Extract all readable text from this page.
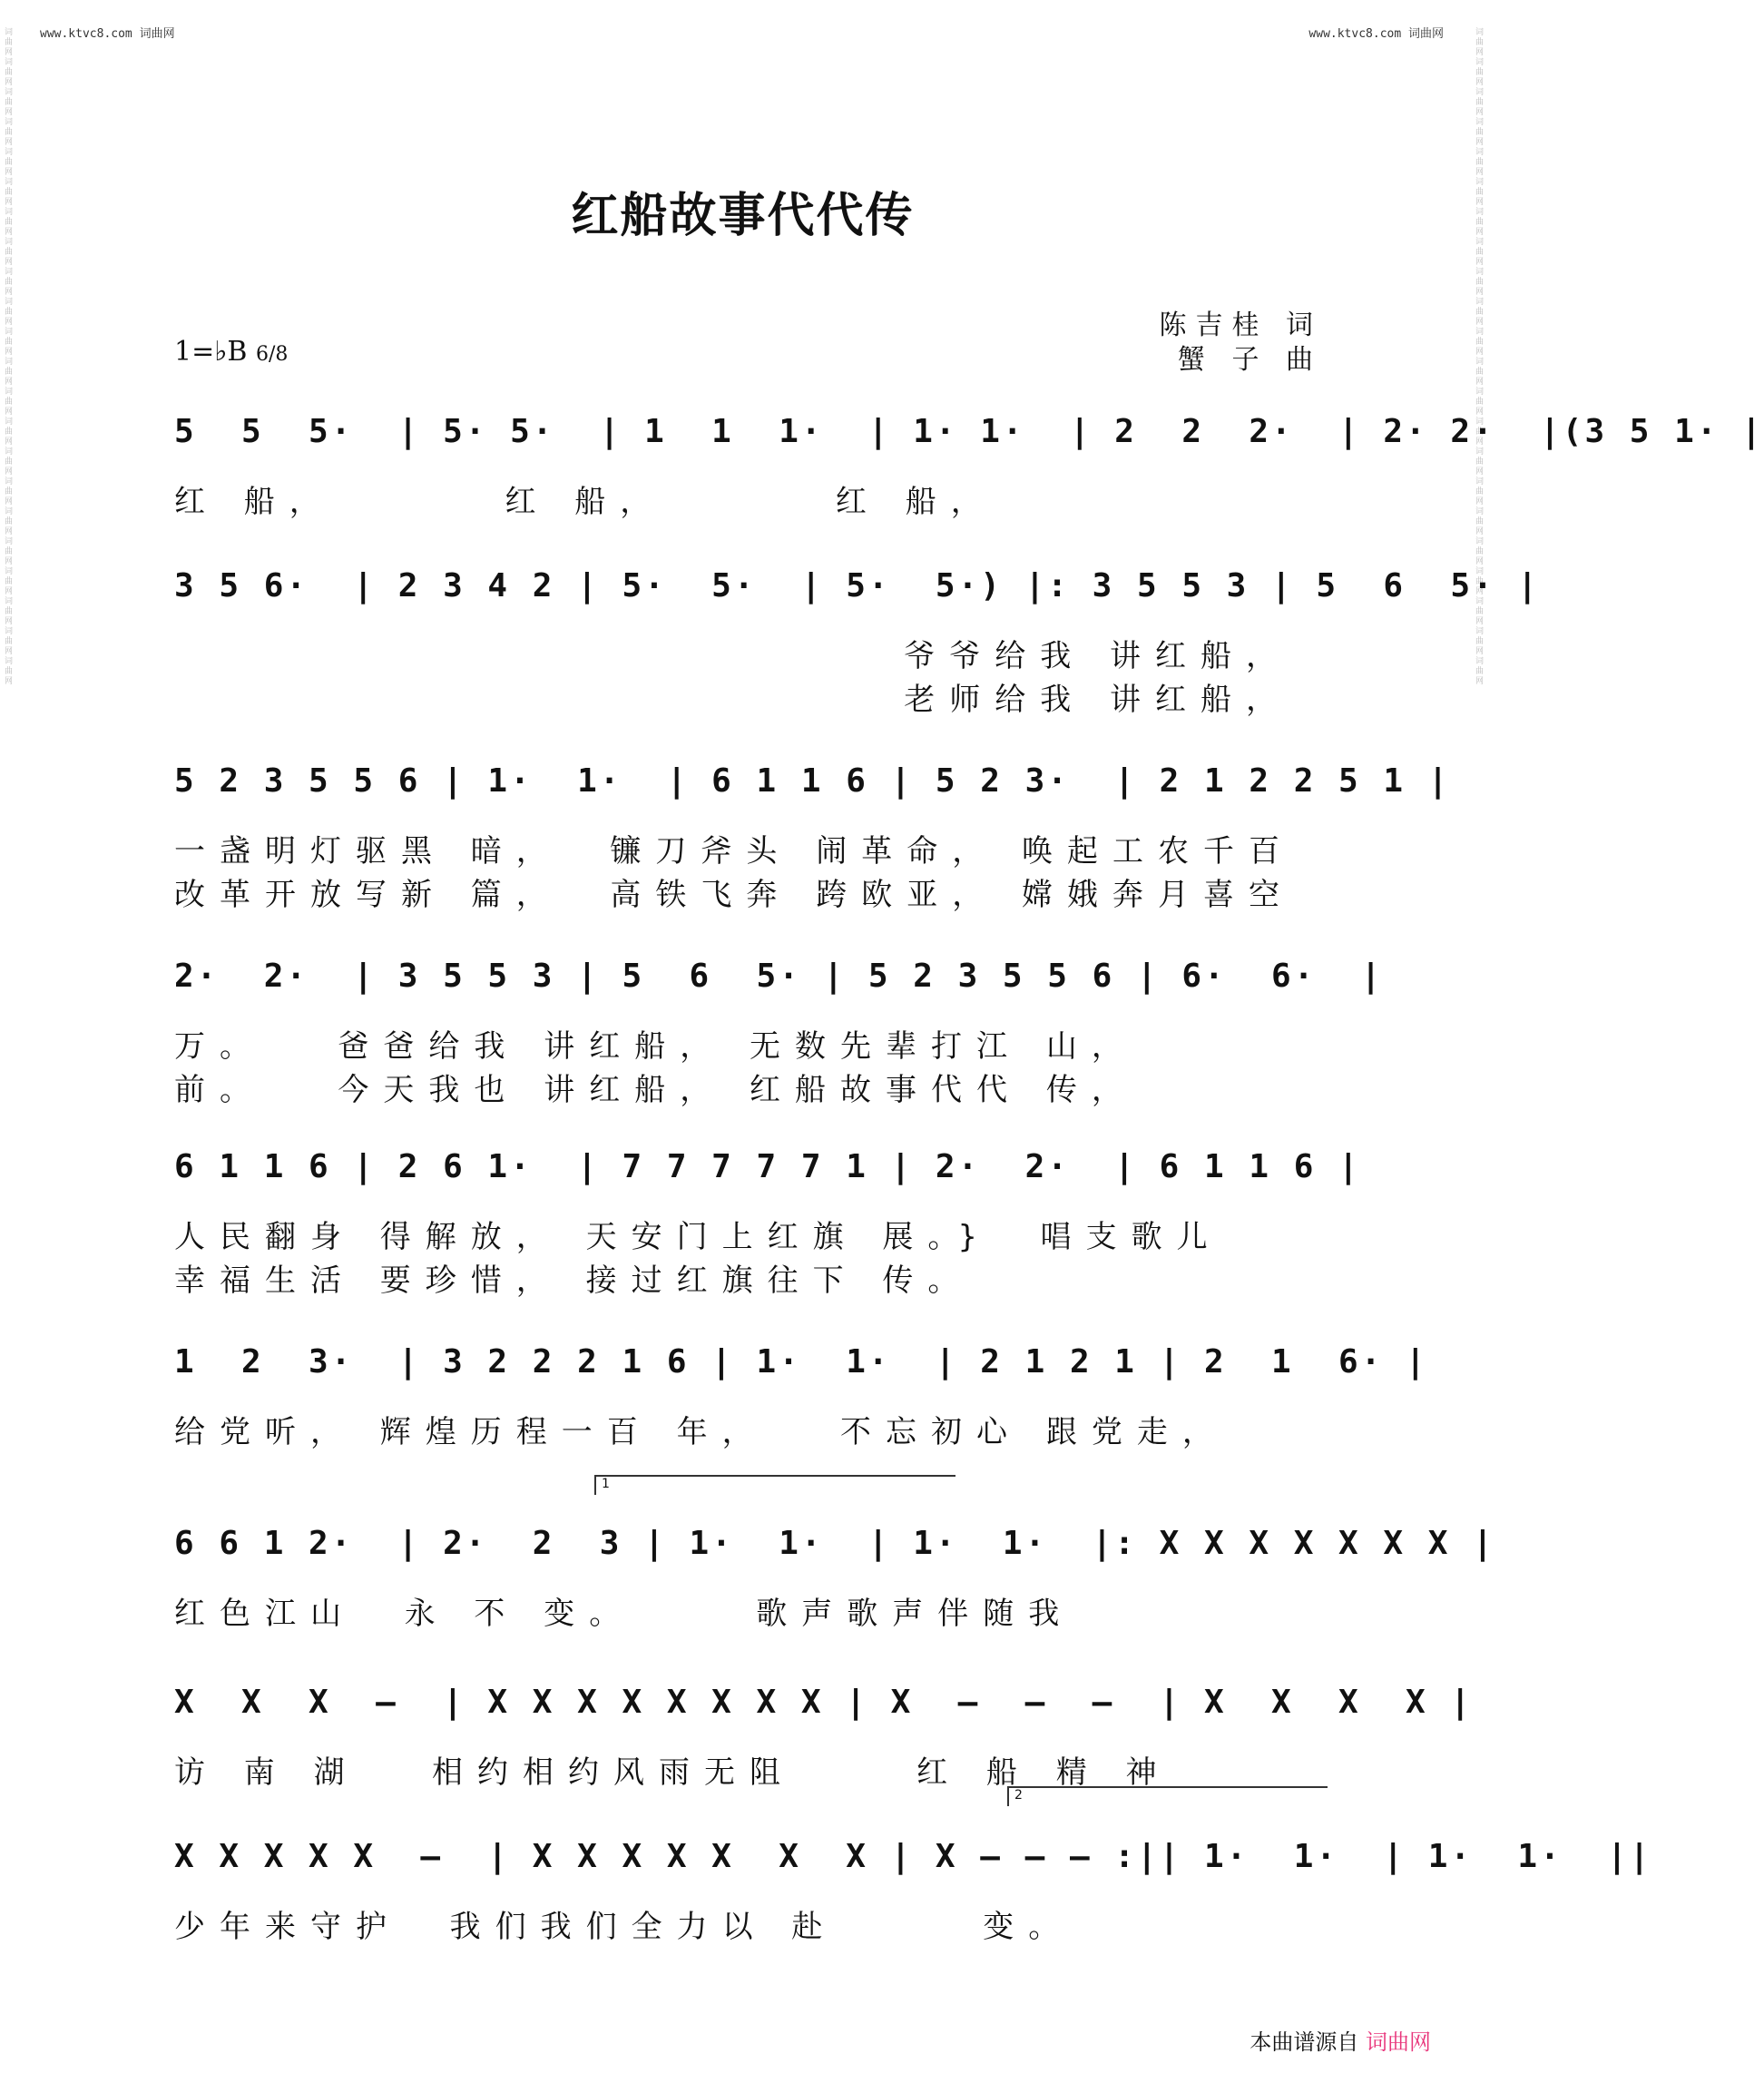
www.ktvc8.com 词曲网	www.ktvc8.com 词曲网
词曲网词曲网词曲网词曲网词曲网词曲网词曲网词曲网词曲网词曲网词曲网词曲网词曲网词曲网词曲网词曲网词曲网词曲网词曲网词曲网词曲网词曲网	词曲网词曲网词曲网词曲网词曲网词曲网词曲网词曲网词曲网词曲网词曲网词曲网词曲网词曲网词曲网词曲网词曲网词曲网词曲网词曲网词曲网词曲网
红船故事代代传
1=♭B 6/8
陈吉桂 词
蟹 子 曲
5  5  5·  | 5· 5·  | 1  1  1·  | 1· 1·  | 2  2  2·  | 2· 2·  |(3 5 1· |
红 船，       红 船，       红 船，
3 5 6·  | 2 3 4 2 | 5·  5·  | 5·  5·) |: 3 5 5 3 | 5  6  5· |
爷爷给我 讲红船，
老师给我 讲红船，
5 2 3 5 5 6 | 1·  1·  | 6 1 1 6 | 5 2 3·  | 2 1 2 2 5 1 |
一盏明灯驱黑 暗，  镰刀斧头 闹革命， 唤起工农千百
改革开放写新 篇，  高铁飞奔 跨欧亚， 嫦娥奔月喜空
2·  2·  | 3 5 5 3 | 5  6  5· | 5 2 3 5 5 6 | 6·  6·  |
万。   爸爸给我 讲红船， 无数先辈打江 山，
前。   今天我也 讲红船， 红船故事代代 传，
6 1 1 6 | 2 6 1·  | 7 7 7 7 7 1 | 2·  2·  | 6 1 1 6 |
人民翻身 得解放， 天安门上红旗 展。}  唱支歌儿
幸福生活 要珍惜， 接过红旗往下 传。
1  2  3·  | 3 2 2 2 1 6 | 1·  1·  | 2 1 2 1 | 2  1  6· |
给党听， 辉煌历程一百 年，   不忘初心 跟党走，
6 6 1 2·  | 2·  2  3 | 1·  1·  | 1·  1·  |: X X X X X X X |
红色江山  永 不 变。     歌声歌声伴随我
X  X  X  —  | X X X X X X X X | X  —  —  —  | X  X  X  X |
访 南 湖   相约相约风雨无阻     红 船 精 神
X X X X X  —  | X X X X X  X  X | X — — — :|| 1·  1·  | 1·  1·  ||
少年来守护  我们我们全力以 赴      变。
1
2
本曲谱源自 词曲网
